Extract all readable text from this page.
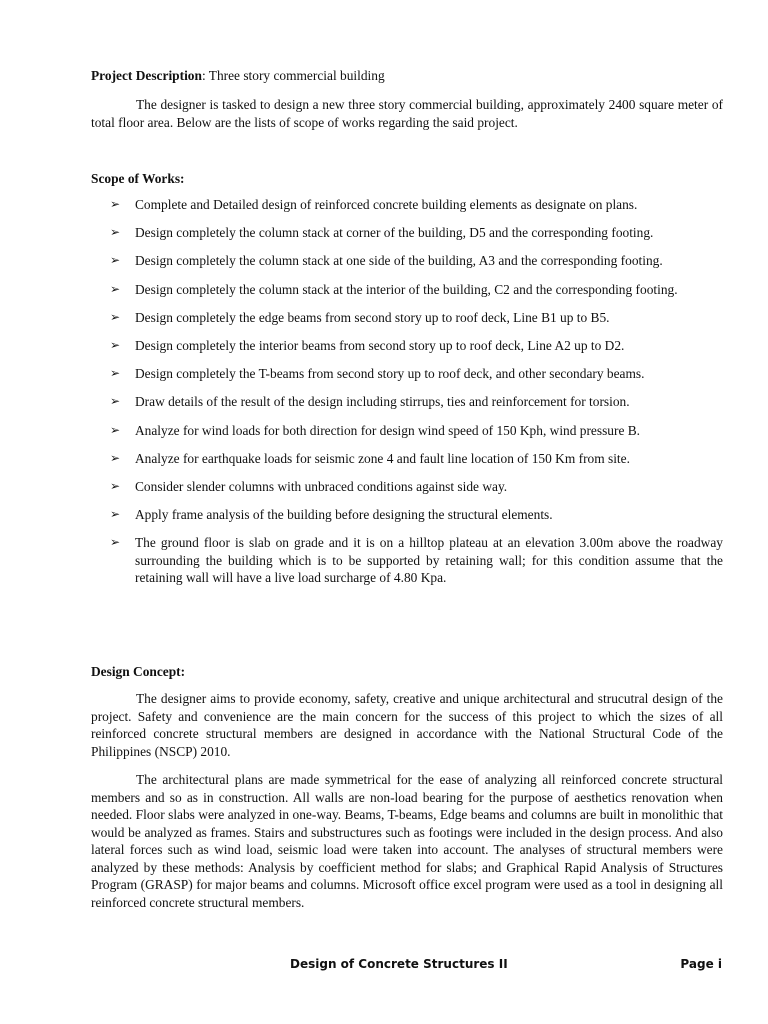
Project Description: Three story commercial building

The designer is tasked to design a new three story commercial building, approximately 2400 square meter of total floor area. Below are the lists of scope of works regarding the said project.

Scope of Works:

➢ Complete and Detailed design of reinforced concrete building elements as designate on plans.
➢ Design completely the column stack at corner of the building, D5 and the corresponding footing.
➢ Design completely the column stack at one side of the building, A3 and the corresponding footing.
➢ Design completely the column stack at the interior of the building, C2 and the corresponding footing.
➢ Design completely the edge beams from second story up to roof deck, Line B1 up to B5.
➢ Design completely the interior beams from second story up to roof deck, Line A2 up to D2.
➢ Design completely the T-beams from second story up to roof deck, and other secondary beams.
➢ Draw details of the result of the design including stirrups, ties and reinforcement for torsion.
➢ Analyze for wind loads for both direction for design wind speed of 150 Kph, wind pressure B.
➢ Analyze for earthquake loads for seismic zone 4 and fault line location of 150 Km from site.
➢ Consider slender columns with unbraced conditions against side way.
➢ Apply frame analysis of the building before designing the structural elements.
➢ The ground floor is slab on grade and it is on a hilltop plateau at an elevation 3.00m above the roadway surrounding the building which is to be supported by retaining wall; for this condition assume that the retaining wall will have a live load surcharge of 4.80 Kpa.

Design Concept:

The designer aims to provide economy, safety, creative and unique architectural and strucutral design of the project. Safety and convenience are the main concern for the success of this project to which the sizes of all reinforced concrete structural members are designed in accordance with the National Structural Code of the Philippines (NSCP) 2010.

The architectural plans are made symmetrical for the ease of analyzing all reinforced concrete structural members and so as in construction. All walls are non-load bearing for the purpose of aesthetics renovation when needed. Floor slabs were analyzed in one-way. Beams, T-beams, Edge beams and columns are built in monolithic that would be analyzed as frames. Stairs and substructures such as footings were included in the design process. And also lateral forces such as wind load, seismic load were taken into account. The analyses of structural members were analyzed by these methods: Analysis by coefficient method for slabs; and Graphical Rapid Analysis of Structures Program (GRASP) for major beams and columns. Microsoft office excel program were used as a tool in designing all reinforced concrete structural members.

Design of Concrete Structures II	Page i
